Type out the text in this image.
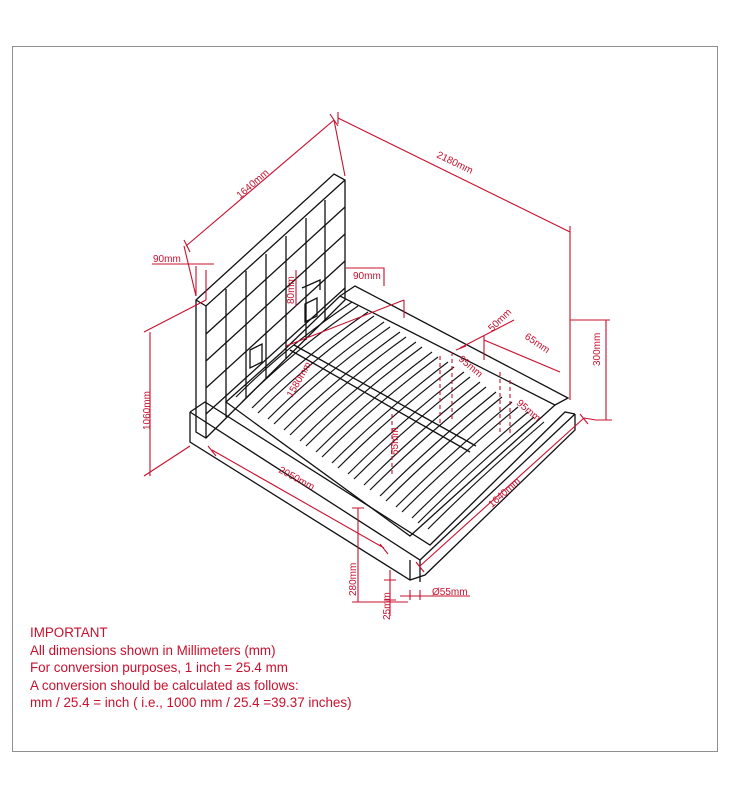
1640mm
2180mm
90mm
90mm
80mm
1580mm
50mm
65mm
95mm
95mm
55mm
300mm
1060mm
2050mm	1640mm
280mm
25mm	Ø55mm
IMPORTANT
All dimensions shown in Millimeters (mm)
For conversion purposes, 1 inch = 25.4 mm
A conversion should be calculated as follows:
mm / 25.4 = inch ( i.e., 1000 mm / 25.4 =39.37 inches)
